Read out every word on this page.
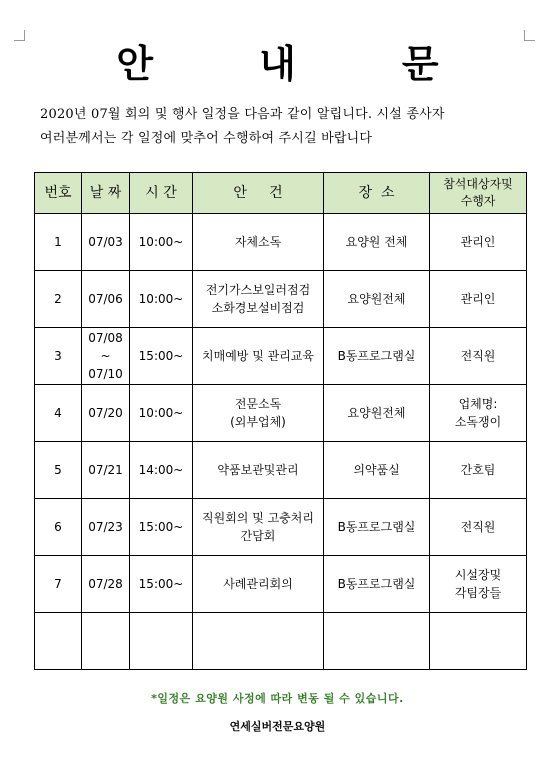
안	내	문
2020년 07월 회의 및 행사 일정을 다음과 같이 알립니다. 시설 종사자
여러분께서는 각 일정에 맞추어 수행하여 주시길 바랍니다
번호	날 짜	시 간	안     건	장  소	참석대상자및
수행자

1	07/03	10:00~	자체소독	요양원 전체	관리인

2	07/06	10:00~	전기가스보일러점검
소화경보설비점검	요양원전체	관리인

3	07/08
~
07/10	15:00~	치매예방 및 관리교육	B동프로그램실	전직원

4	07/20	10:00~	전문소독
(외부업체)	요양원전체	업체명:
소독쟁이

5	07/21	14:00~	약품보관및관리	의약품실	간호팀

6	07/23	15:00~	직원회의 및 고충처리
간담회	B동프로그램실	전직원

7	07/28	15:00~	사례관리회의	B동프로그램실	시설장및
각팀장들

*일정은 요양원 사정에 따라 변동 될 수 있습니다.
연세실버전문요양원
